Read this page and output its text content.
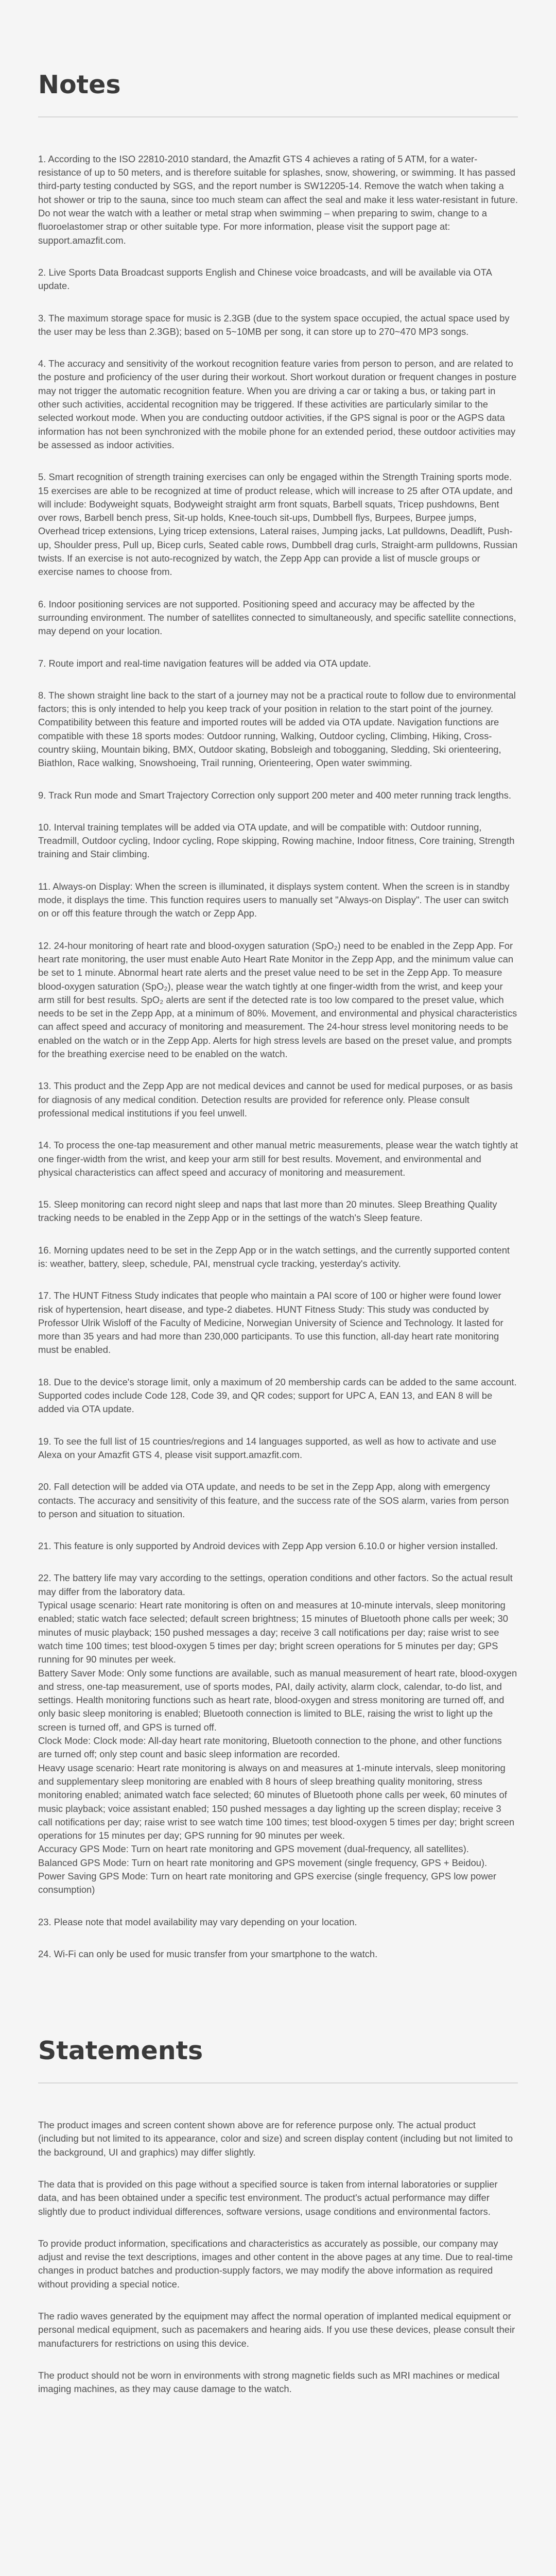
Notes

1. According to the ISO 22810-2010 standard, the Amazfit GTS 4 achieves a rating of 5 ATM, for a water-resistance of up to 50 meters, and is therefore suitable for splashes, snow, showering, or swimming. It has passed third-party testing conducted by SGS, and the report number is SW12205-14. Remove the watch when taking a hot shower or trip to the sauna, since too much steam can affect the seal and make it less water-resistant in future. Do not wear the watch with a leather or metal strap when swimming – when preparing to swim, change to a fluoroelastomer strap or other suitable type. For more information, please visit the support page at: support.amazfit.com.

2. Live Sports Data Broadcast supports English and Chinese voice broadcasts, and will be available via OTA update.

3. The maximum storage space for music is 2.3GB (due to the system space occupied, the actual space used by the user may be less than 2.3GB); based on 5~10MB per song, it can store up to 270~470 MP3 songs.

4. The accuracy and sensitivity of the workout recognition feature varies from person to person, and are related to the posture and proficiency of the user during their workout. Short workout duration or frequent changes in posture may not trigger the automatic recognition feature. When you are driving a car or taking a bus, or taking part in other such activities, accidental recognition may be triggered. If these activities are particularly similar to the selected workout mode. When you are conducting outdoor activities, if the GPS signal is poor or the AGPS data information has not been synchronized with the mobile phone for an extended period, these outdoor activities may be assessed as indoor activities.

5. Smart recognition of strength training exercises can only be engaged within the Strength Training sports mode. 15 exercises are able to be recognized at time of product release, which will increase to 25 after OTA update, and will include: Bodyweight squats, Bodyweight straight arm front squats, Barbell squats, Tricep pushdowns, Bent over rows, Barbell bench press, Sit-up holds, Knee-touch sit-ups, Dumbbell flys, Burpees, Burpee jumps, Overhead tricep extensions, Lying tricep extensions, Lateral raises, Jumping jacks, Lat pulldowns, Deadlift, Push-up, Shoulder press, Pull up, Bicep curls, Seated cable rows, Dumbbell drag curls, Straight-arm pulldowns, Russian twists. If an exercise is not auto-recognized by watch, the Zepp App can provide a list of muscle groups or exercise names to choose from.

6. Indoor positioning services are not supported. Positioning speed and accuracy may be affected by the surrounding environment. The number of satellites connected to simultaneously, and specific satellite connections, may depend on your location.

7. Route import and real-time navigation features will be added via OTA update.

8. The shown straight line back to the start of a journey may not be a practical route to follow due to environmental factors; this is only intended to help you keep track of your position in relation to the start point of the journey. Compatibility between this feature and imported routes will be added via OTA update. Navigation functions are compatible with these 18 sports modes: Outdoor running, Walking, Outdoor cycling, Climbing, Hiking, Cross-country skiing, Mountain biking, BMX, Outdoor skating, Bobsleigh and tobogganing, Sledding, Ski orienteering, Biathlon, Race walking, Snowshoeing, Trail running, Orienteering, Open water swimming.

9. Track Run mode and Smart Trajectory Correction only support 200 meter and 400 meter running track lengths.

10. Interval training templates will be added via OTA update, and will be compatible with: Outdoor running, Treadmill, Outdoor cycling, Indoor cycling, Rope skipping, Rowing machine, Indoor fitness, Core training, Strength training and Stair climbing.

11. Always-on Display: When the screen is illuminated, it displays system content. When the screen is in standby mode, it displays the time. This function requires users to manually set "Always-on Display". The user can switch on or off this feature through the watch or Zepp App.

12. 24-hour monitoring of heart rate and blood-oxygen saturation (SpO₂) need to be enabled in the Zepp App. For heart rate monitoring, the user must enable Auto Heart Rate Monitor in the Zepp App, and the minimum value can be set to 1 minute. Abnormal heart rate alerts and the preset value need to be set in the Zepp App. To measure blood-oxygen saturation (SpO₂), please wear the watch tightly at one finger-width from the wrist, and keep your arm still for best results. SpO₂ alerts are sent if the detected rate is too low compared to the preset value, which needs to be set in the Zepp App, at a minimum of 80%. Movement, and environmental and physical characteristics can affect speed and accuracy of monitoring and measurement. The 24-hour stress level monitoring needs to be enabled on the watch or in the Zepp App. Alerts for high stress levels are based on the preset value, and prompts for the breathing exercise need to be enabled on the watch.

13. This product and the Zepp App are not medical devices and cannot be used for medical purposes, or as basis for diagnosis of any medical condition. Detection results are provided for reference only. Please consult professional medical institutions if you feel unwell.

14. To process the one-tap measurement and other manual metric measurements, please wear the watch tightly at one finger-width from the wrist, and keep your arm still for best results. Movement, and environmental and physical characteristics can affect speed and accuracy of monitoring and measurement.

15. Sleep monitoring can record night sleep and naps that last more than 20 minutes. Sleep Breathing Quality tracking needs to be enabled in the Zepp App or in the settings of the watch's Sleep feature.

16. Morning updates need to be set in the Zepp App or in the watch settings, and the currently supported content is: weather, battery, sleep, schedule, PAI, menstrual cycle tracking, yesterday's activity.

17. The HUNT Fitness Study indicates that people who maintain a PAI score of 100 or higher were found lower risk of hypertension, heart disease, and type-2 diabetes. HUNT Fitness Study: This study was conducted by Professor Ulrik Wisloff of the Faculty of Medicine, Norwegian University of Science and Technology. It lasted for more than 35 years and had more than 230,000 participants. To use this function, all-day heart rate monitoring must be enabled.

18. Due to the device's storage limit, only a maximum of 20 membership cards can be added to the same account. Supported codes include Code 128, Code 39, and QR codes; support for UPC A, EAN 13, and EAN 8 will be added via OTA update.

19. To see the full list of 15 countries/regions and 14 languages supported, as well as how to activate and use Alexa on your Amazfit GTS 4, please visit support.amazfit.com.

20. Fall detection will be added via OTA update, and needs to be set in the Zepp App, along with emergency contacts. The accuracy and sensitivity of this feature, and the success rate of the SOS alarm, varies from person to person and situation to situation.

21. This feature is only supported by Android devices with Zepp App version 6.10.0 or higher version installed.

22. The battery life may vary according to the settings, operation conditions and other factors. So the actual result may differ from the laboratory data.
Typical usage scenario: Heart rate monitoring is often on and measures at 10-minute intervals, sleep monitoring enabled; static watch face selected; default screen brightness; 15 minutes of Bluetooth phone calls per week; 30 minutes of music playback; 150 pushed messages a day; receive 3 call notifications per day; raise wrist to see watch time 100 times; test blood-oxygen 5 times per day; bright screen operations for 5 minutes per day; GPS running for 90 minutes per week.
Battery Saver Mode: Only some functions are available, such as manual measurement of heart rate, blood-oxygen and stress, one-tap measurement, use of sports modes, PAI, daily activity, alarm clock, calendar, to-do list, and settings. Health monitoring functions such as heart rate, blood-oxygen and stress monitoring are turned off, and only basic sleep monitoring is enabled; Bluetooth connection is limited to BLE, raising the wrist to light up the screen is turned off, and GPS is turned off.
Clock Mode: Clock mode: All-day heart rate monitoring, Bluetooth connection to the phone, and other functions are turned off; only step count and basic sleep information are recorded.
Heavy usage scenario: Heart rate monitoring is always on and measures at 1-minute intervals, sleep monitoring and supplementary sleep monitoring are enabled with 8 hours of sleep breathing quality monitoring, stress monitoring enabled; animated watch face selected; 60 minutes of Bluetooth phone calls per week, 60 minutes of music playback; voice assistant enabled; 150 pushed messages a day lighting up the screen display; receive 3 call notifications per day; raise wrist to see watch time 100 times; test blood-oxygen 5 times per day; bright screen operations for 15 minutes per day; GPS running for 90 minutes per week.
Accuracy GPS Mode: Turn on heart rate monitoring and GPS movement (dual-frequency, all satellites).
Balanced GPS Mode: Turn on heart rate monitoring and GPS movement (single frequency, GPS + Beidou).
Power Saving GPS Mode: Turn on heart rate monitoring and GPS exercise (single frequency, GPS low power consumption)

23. Please note that model availability may vary depending on your location.

24. Wi-Fi can only be used for music transfer from your smartphone to the watch.

Statements

The product images and screen content shown above are for reference purpose only. The actual product (including but not limited to its appearance, color and size) and screen display content (including but not limited to the background, UI and graphics) may differ slightly.

The data that is provided on this page without a specified source is taken from internal laboratories or supplier data, and has been obtained under a specific test environment. The product's actual performance may differ slightly due to product individual differences, software versions, usage conditions and environmental factors.

To provide product information, specifications and characteristics as accurately as possible, our company may adjust and revise the text descriptions, images and other content in the above pages at any time. Due to real-time changes in product batches and production-supply factors, we may modify the above information as required without providing a special notice.

The radio waves generated by the equipment may affect the normal operation of implanted medical equipment or personal medical equipment, such as pacemakers and hearing aids. If you use these devices, please consult their manufacturers for restrictions on using this device.

The product should not be worn in environments with strong magnetic fields such as MRI machines or medical imaging machines, as they may cause damage to the watch.
